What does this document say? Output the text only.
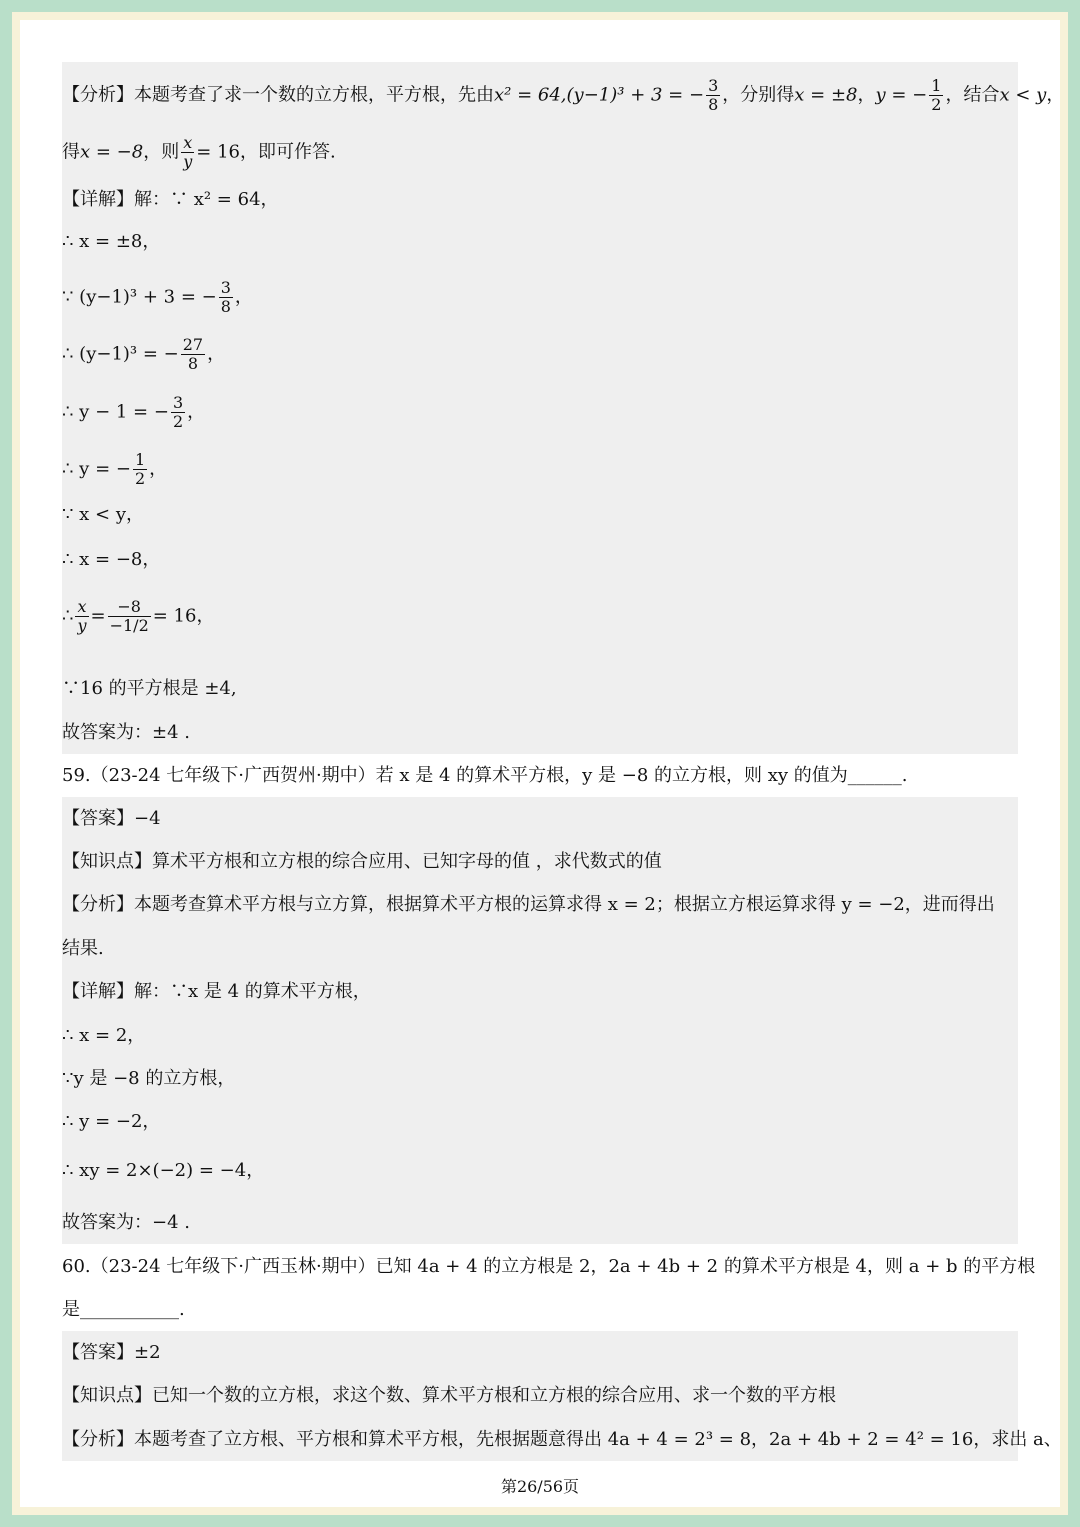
【分析】本题考查了求一个数的立方根，平方根，先由x² = 64,(y−1)³ + 3 = − $\frac{3}{8}$ ，分别得x = ±8，y = − $\frac{1}{2}$ ，结合x < y，
得x = −8，则 $\frac{x}{y} = 16$，即可作答.
【详解】解：∵ x² = 64，
∴ x = ±8，
∵ (y−1)³ + 3 = − $\frac{3}{8}$ ，
∴ (y−1)³ = − $\frac{27}{8}$ ，
∴ y − 1 = − $\frac{3}{2}$ ，
∴ y = − $\frac{1}{2}$ ，
∵ x < y，
∴ x = −8，
∴ $\frac{x}{y} = \frac{-8}{-1/2} = 16$，
∵16 的平方根是 ±4,
故答案为：±4 .
59.（23-24 七年级下·广西贺州·期中）若 x 是 4 的算术平方根，y 是 −8 的立方根，则 xy 的值为______.
【答案】−4
【知识点】算术平方根和立方根的综合应用、已知字母的值 ，求代数式的值
【分析】本题考查算术平方根与立方算，根据算术平方根的运算求得 x = 2；根据立方根运算求得 y = −2，进而得出
结果.
【详解】解：∵x 是 4 的算术平方根，
∴ x = 2，
∵y 是 −8 的立方根，
∴ y = −2，
∴ xy = 2×(−2) = −4，
故答案为：−4 .
60.（23-24 七年级下·广西玉林·期中）已知 4a + 4 的立方根是 2，2a + 4b + 2 的算术平方根是 4，则 a + b 的平方根
是___________.
【答案】±2
【知识点】已知一个数的立方根，求这个数、算术平方根和立方根的综合应用、求一个数的平方根
【分析】本题考查了立方根、平方根和算术平方根，先根据题意得出 4a + 4 = 2³ = 8，2a + 4b + 2 = 4² = 16，求出 a、
第26/56页
